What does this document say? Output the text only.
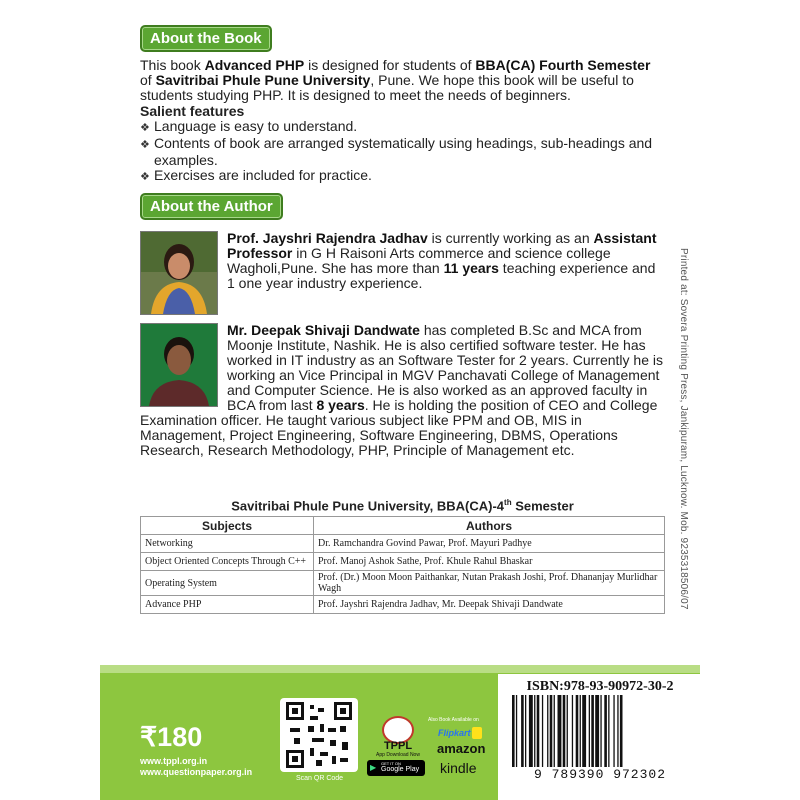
About the Book
This book Advanced PHP is designed for students of BBA(CA) Fourth Semester of Savitribai Phule Pune University, Pune. We hope this book will be useful to students studying PHP. It is designed to meet the needs of beginners.
Salient features
❖ Language is easy to understand.
❖ Contents of book are arranged systematically using headings, sub-headings and examples.
❖ Exercises are included for practice.
About the Author
Prof. Jayshri Rajendra Jadhav is currently working as an Assistant Professor in G H Raisoni Arts commerce and science college Wagholi,Pune. She has more than 11 years teaching experience and 1 one year industry experience.
Mr. Deepak Shivaji Dandwate has completed B.Sc and MCA from Moonje Institute, Nashik. He is also certified software tester. He has worked in IT industry as an Software Tester for 2 years. Currently he is working an Vice Principal in MGV Panchavati College of Management and Computer Science. He is also worked as an approved faculty in BCA from last 8 years. He is holding the position of CEO and College Examination officer. He taught various subject like PPM and OB, MIS in Management, Project Engineering, Software Engineering, DBMS, Operations Research, Research Methodology, PHP, Principle of Management etc.	Printed at: Sovera Printing Press, Jankipuram, Lucknow. Mob. 9235318506/07
Savitribai Phule Pune University, BBA(CA)-4th Semester
Subjects	Authors
Networking	Dr. Ramchandra Govind Pawar, Prof. Mayuri Padhye
Object Oriented Concepts Through C++	Prof. Manoj Ashok Sathe, Prof. Khule Rahul Bhaskar
Operating System	Prof. (Dr.) Moon Moon Paithankar, Nutan Prakash Joshi, Prof. Dhananjay Murlidhar Wagh
Advance PHP	Prof. Jayshri Rajendra Jadhav, Mr. Deepak Shivaji Dandwate
₹180
www.tppl.org.in
www.questionpaper.org.in
Scan QR Code
TPPL
App Download Now
▶ GET IT ON
Google Play
Also Book Available on
Flipkart
amazon
kindle
ISBN:978-93-90972-30-2
9 789390 972302
